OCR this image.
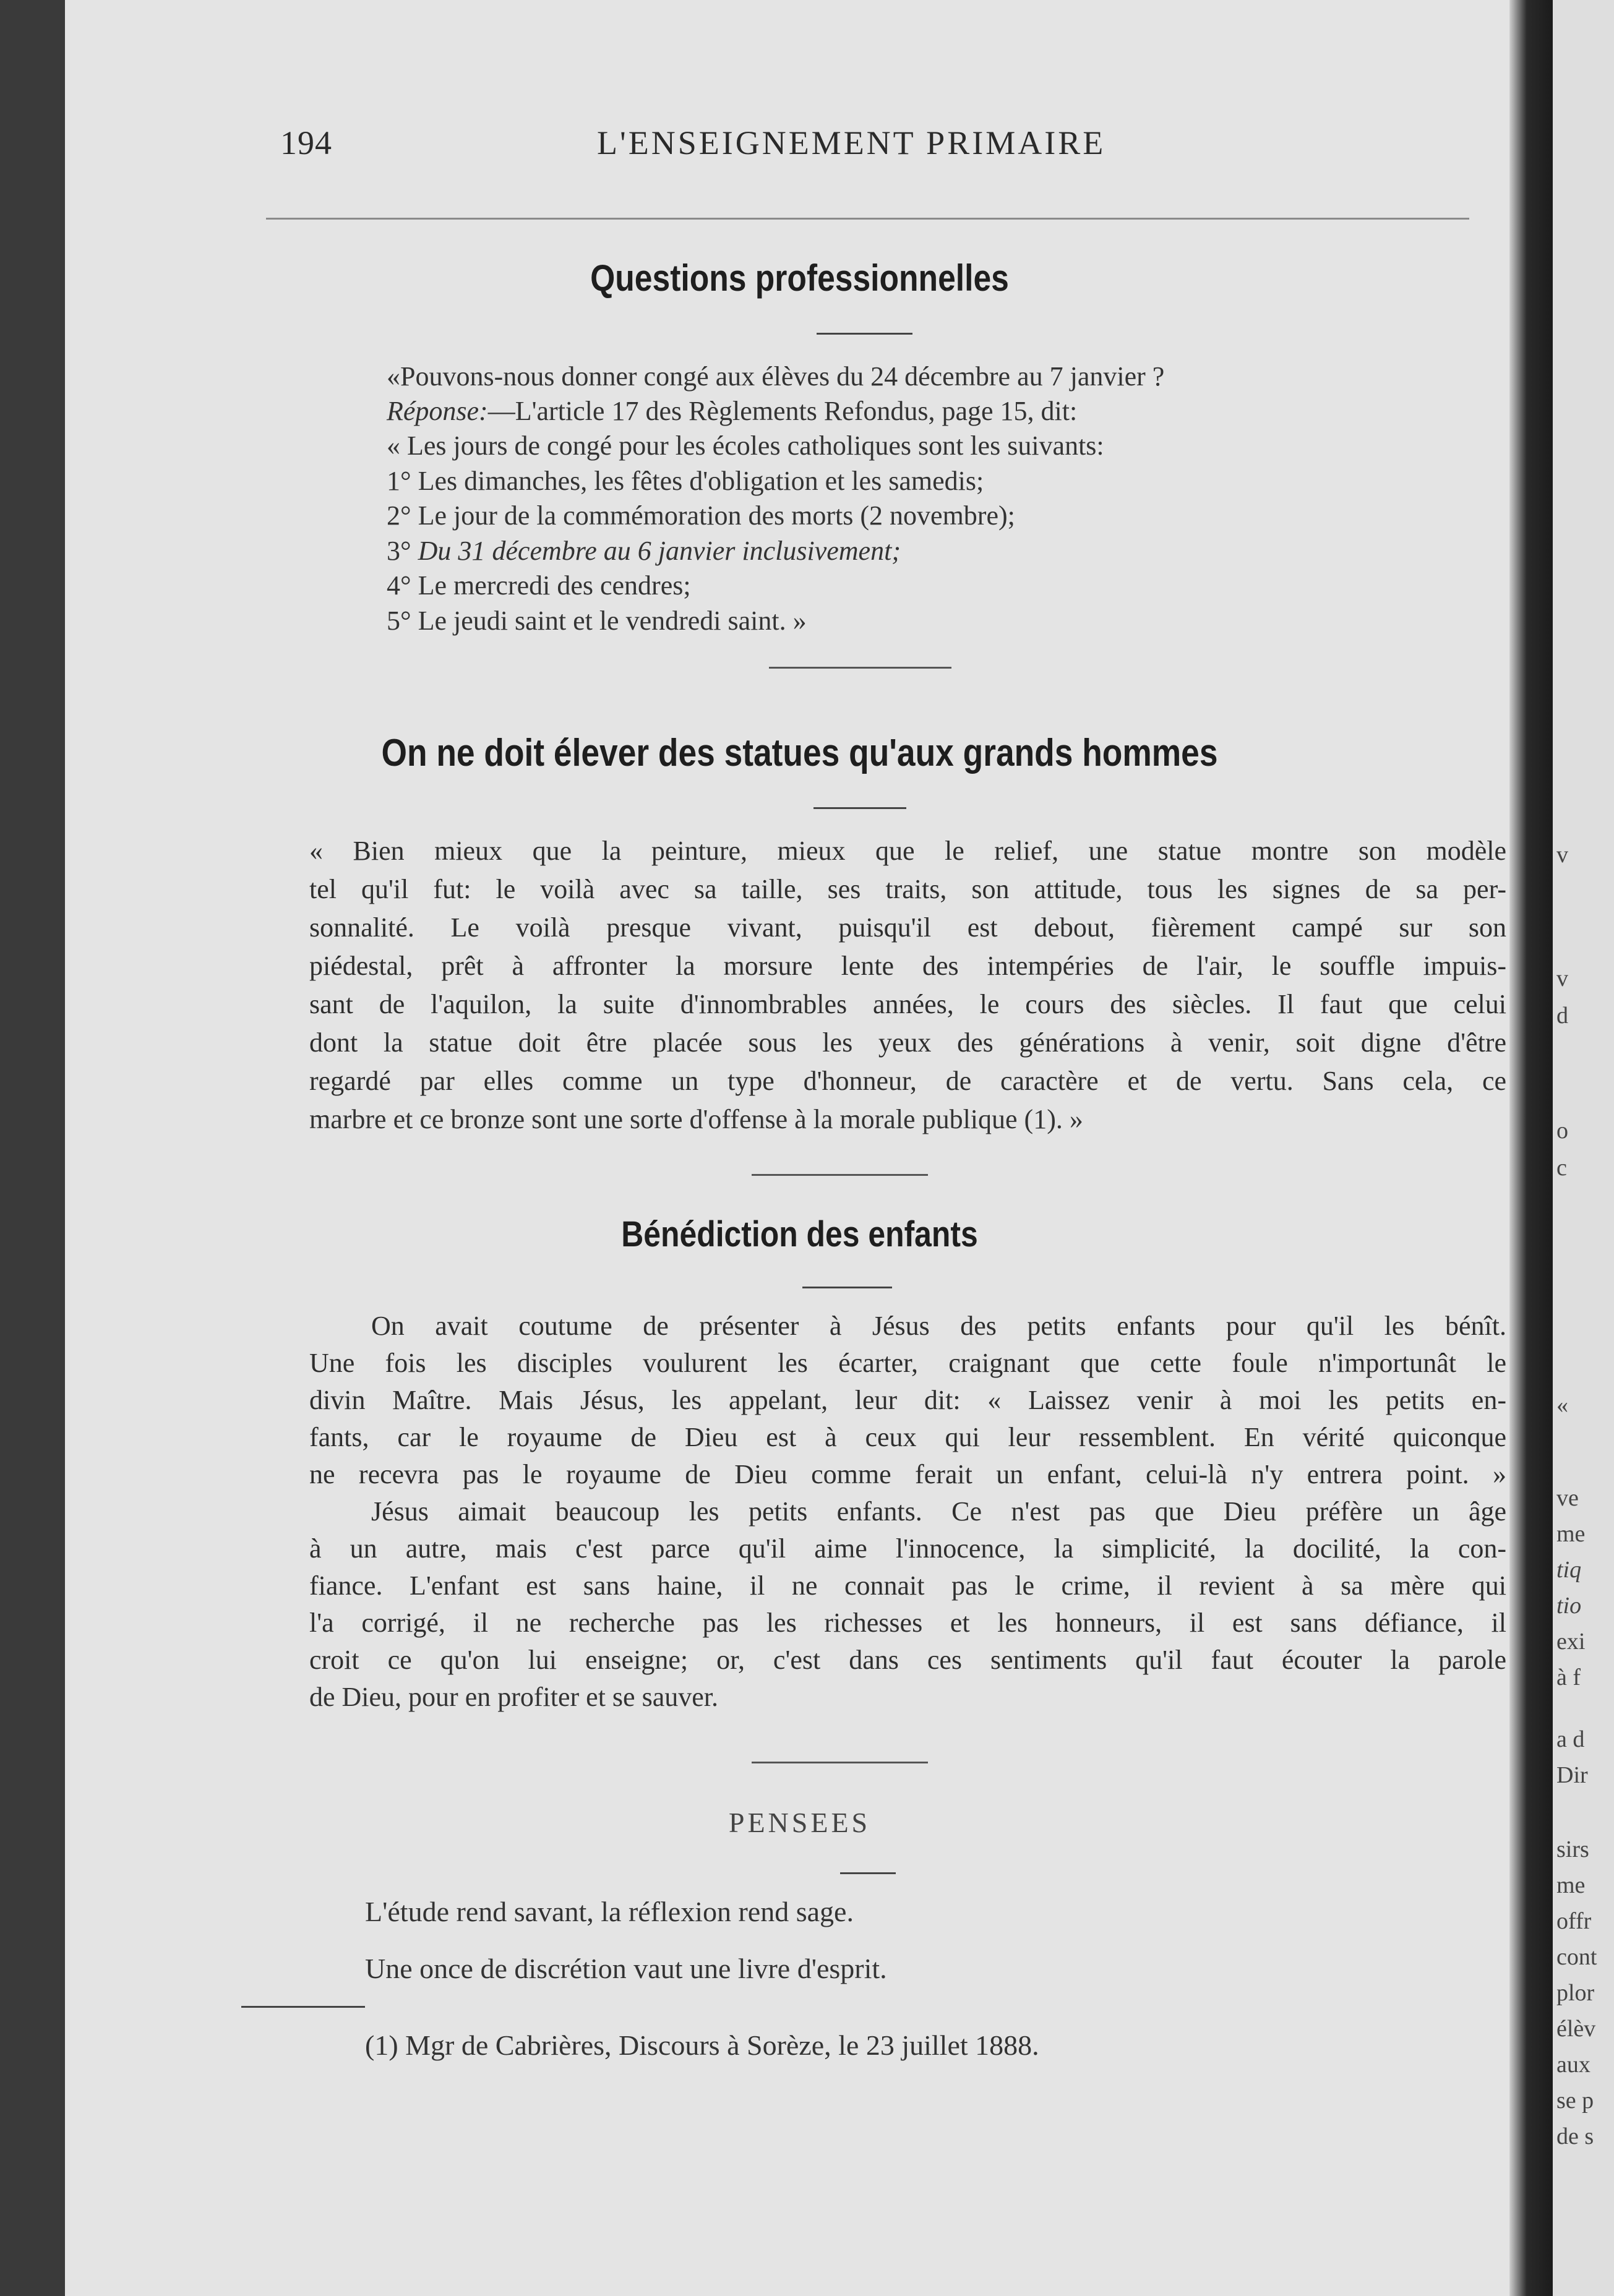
194	L'ENSEIGNEMENT PRIMAIRE
Questions professionnelles
«Pouvons-nous donner congé aux élèves du 24 décembre au 7 janvier ?
Réponse:—L'article 17 des Règlements Refondus, page 15, dit:
« Les jours de congé pour les écoles catholiques sont les suivants:
1° Les dimanches, les fêtes d'obligation et les samedis;
2° Le jour de la commémoration des morts (2 novembre);
3° Du 31 décembre au 6 janvier inclusivement;
4° Le mercredi des cendres;
5° Le jeudi saint et le vendredi saint. »
On ne doit élever des statues qu'aux grands hommes
« Bien mieux que la peinture, mieux que le relief, une statue montre son modèle
tel qu'il fut: le voilà avec sa taille, ses traits, son attitude, tous les signes de sa per-
sonnalité. Le voilà presque vivant, puisqu'il est debout, fièrement campé sur son
piédestal, prêt à affronter la morsure lente des intempéries de l'air, le souffle impuis-
sant de l'aquilon, la suite d'innombrables années, le cours des siècles. Il faut que celui
dont la statue doit être placée sous les yeux des générations à venir, soit digne d'être
regardé par elles comme un type d'honneur, de caractère et de vertu. Sans cela, ce
marbre et ce bronze sont une sorte d'offense à la morale publique (1). »
Bénédiction des enfants
On avait coutume de présenter à Jésus des petits enfants pour qu'il les bénît.
Une fois les disciples voulurent les écarter, craignant que cette foule n'importunât le
divin Maître. Mais Jésus, les appelant, leur dit: « Laissez venir à moi les petits en-
fants, car le royaume de Dieu est à ceux qui leur ressemblent. En vérité quiconque
ne recevra pas le royaume de Dieu comme ferait un enfant, celui-là n'y entrera point. »
Jésus aimait beaucoup les petits enfants. Ce n'est pas que Dieu préfère un âge
à un autre, mais c'est parce qu'il aime l'innocence, la simplicité, la docilité, la con-
fiance. L'enfant est sans haine, il ne connait pas le crime, il revient à sa mère qui
l'a corrigé, il ne recherche pas les richesses et les honneurs, il est sans défiance, il
croit ce qu'on lui enseigne; or, c'est dans ces sentiments qu'il faut écouter la parole
de Dieu, pour en profiter et se sauver.
PENSEES
L'étude rend savant, la réflexion rend sage.
Une once de discrétion vaut une livre d'esprit.
(1) Mgr de Cabrières, Discours à Sorèze, le 23 juillet 1888.
v
v
d
o
c
«
ve
me
tiq
tio
exi
à f
a d
Dir
sirs
me
offr
cont
plor
élèv
aux
se p
de s
